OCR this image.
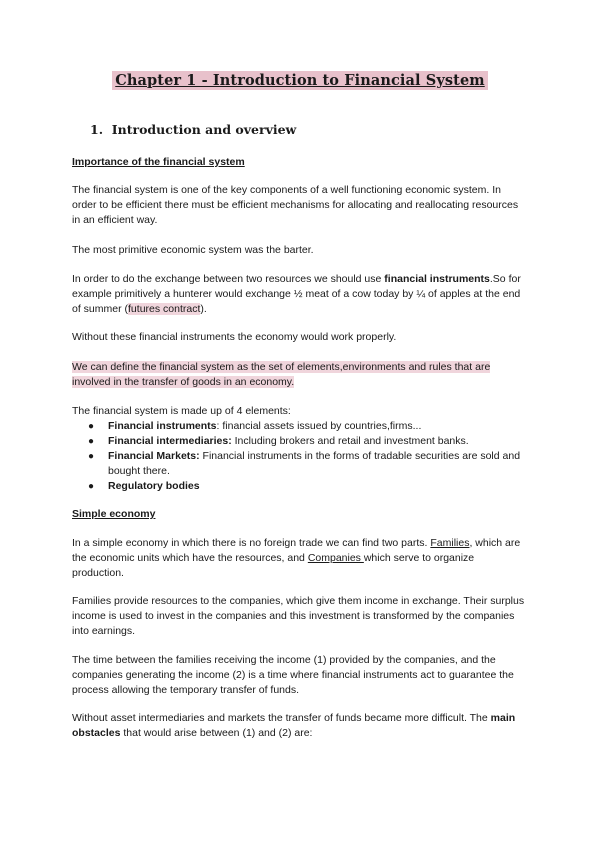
Chapter 1 - Introduction to Financial System
1. Introduction and overview
Importance of the financial system
The financial system is one of the key components of a well functioning economic system. In order to be efficient there must be efficient mechanisms for allocating and reallocating resources in an efficient way.
The most primitive economic system was the barter.
In order to do the exchange between two resources we should use financial instruments.So for example primitively a hunterer would exchange ½ meat of a cow today by ¼ of apples at the end of summer (futures contract).
Without these financial instruments the economy would work properly.
We can define the financial system as the set of elements,environments and rules that are involved in the transfer of goods in an economy.
The financial system is made up of 4 elements:
● Financial instruments: financial assets issued by countries,firms...
● Financial intermediaries: Including brokers and retail and investment banks.
● Financial Markets: Financial instruments in the forms of tradable securities are sold and bought there.
● Regulatory bodies
Simple economy
In a simple economy in which there is no foreign trade we can find two parts. Families, which are the economic units which have the resources, and Companies which serve to organize production.
Families provide resources to the companies, which give them income in exchange. Their surplus income is used to invest in the companies and this investment is transformed by the companies into earnings.
The time between the families receiving the income (1) provided by the companies, and the companies generating the income (2) is a time where financial instruments act to guarantee the process allowing the temporary transfer of funds.
Without asset intermediaries and markets the transfer of funds became more difficult. The main obstacles that would arise between (1) and (2) are:
